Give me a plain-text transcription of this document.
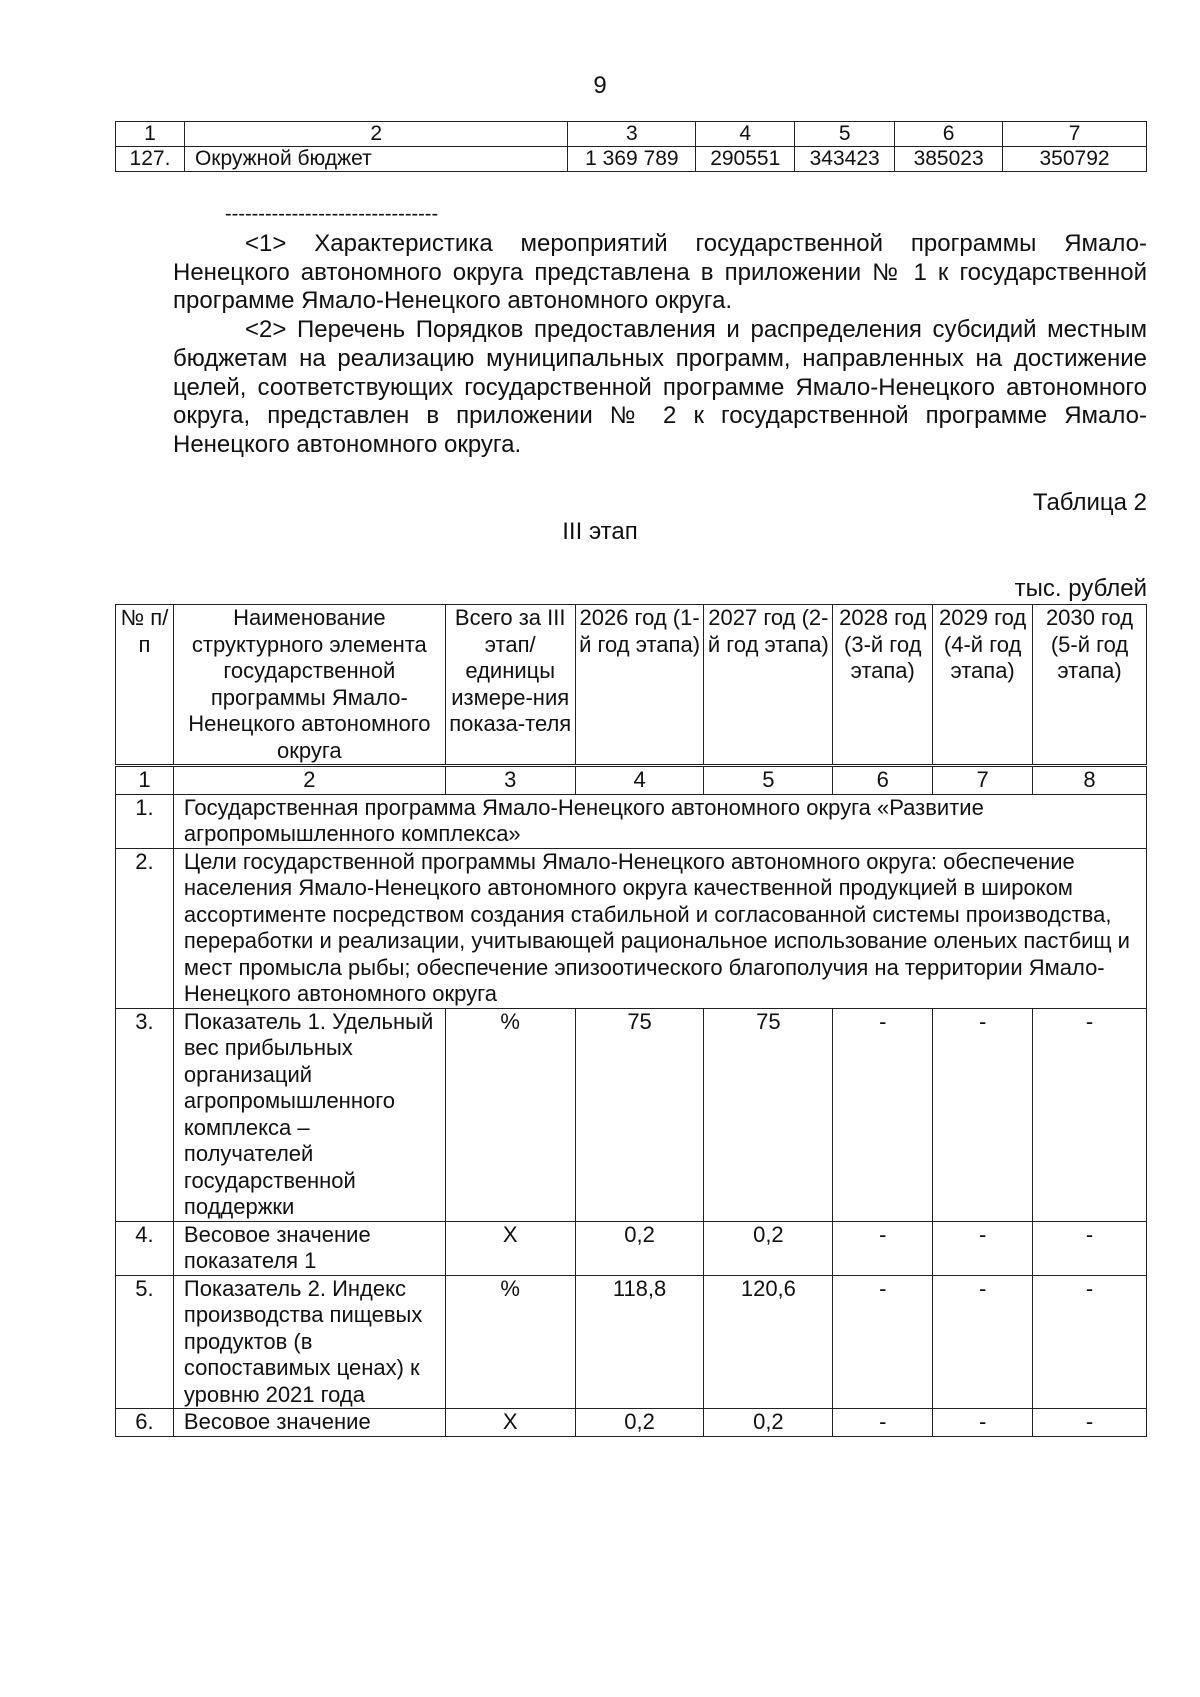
9
1	2	3	4	5	6	7
127.	Окружной бюджет	1 369 789	290551	343423	385023	350792
--------------------------------

<1> Характеристика мероприятий государственной программы Ямало-Ненецкого автономного округа представлена в приложении № 1 к государственной программе Ямало-Ненецкого автономного округа.

<2> Перечень Порядков предоставления и распределения субсидий местным бюджетам на реализацию муниципальных программ, направленных на достижение целей, соответствующих государственной программе Ямало-Ненецкого автономного округа, представлен в приложении № 2 к государственной программе Ямало-Ненецкого автономного округа.

Таблица 2
III этап
тыс. рублей
№ п/п	Наименование структурного элемента государственной программы Ямало-Ненецкого автономного округа	Всего за III этап/ единицы измере-ния показа-теля	2026 год (1-й год этапа)	2027 год (2-й год этапа)	2028 год (3-й год этапа)	2029 год (4-й год этапа)	2030 год (5-й год этапа)
1	2	3	4	5	6	7	8
1.	Государственная программа Ямало-Ненецкого автономного округа «Развитие агропромышленного комплекса»						
2.	Цели государственной программы Ямало-Ненецкого автономного округа: обеспечение населения Ямало-Ненецкого автономного округа качественной продукцией в широком ассортименте посредством создания стабильной и согласованной системы производства, переработки и реализации, учитывающей рациональное использование оленьих пастбищ и мест промысла рыбы; обеспечение эпизоотического благополучия на территории Ямало-Ненецкого автономного округа						
3.	Показатель 1. Удельный вес прибыльных организаций агропромышленного комплекса – получателей государственной поддержки	%	75	75	-	-	-
4.	Весовое значение показателя 1	Х	0,2	0,2	-	-	-
5.	Показатель 2. Индекс производства пищевых продуктов (в сопоставимых ценах) к уровню 2021 года	%	118,8	120,6	-	-	-
6.	Весовое значение	Х	0,2	0,2	-	-	-
